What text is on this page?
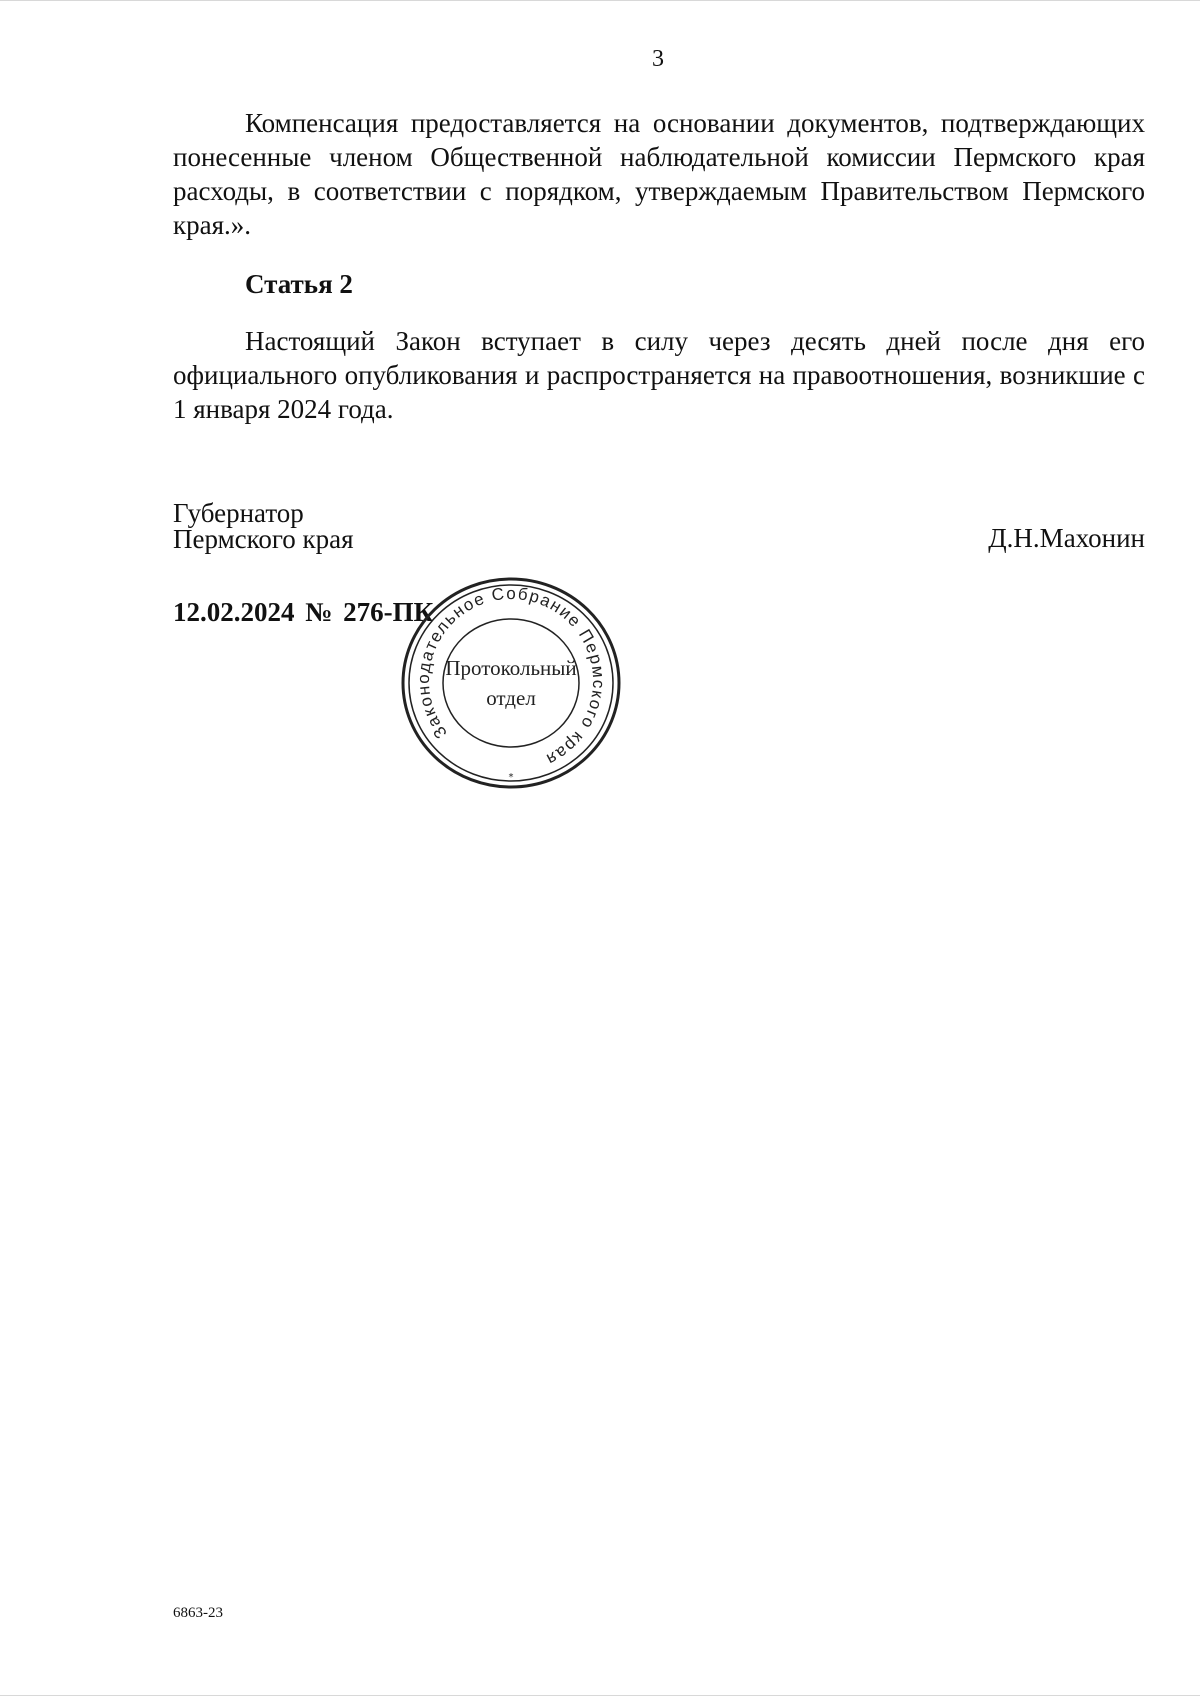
3

Компенсация предоставляется на основании документов, подтверждающих понесенные членом Общественной наблюдательной комиссии Пермского края расходы, в соответствии с порядком, утверждаемым Правительством Пермского края.».

Статья 2

Настоящий Закон вступает в силу через десять дней после дня его официального опубликования и распространяется на правоотношения, возникшие с 1 января 2024 года.

Губернатор
Пермского края	Д.Н.Махонин
12.02.2024 № 276-ПК
Законодательное Собрание Пермского края
Протокольный
отдел
*
6863-23
